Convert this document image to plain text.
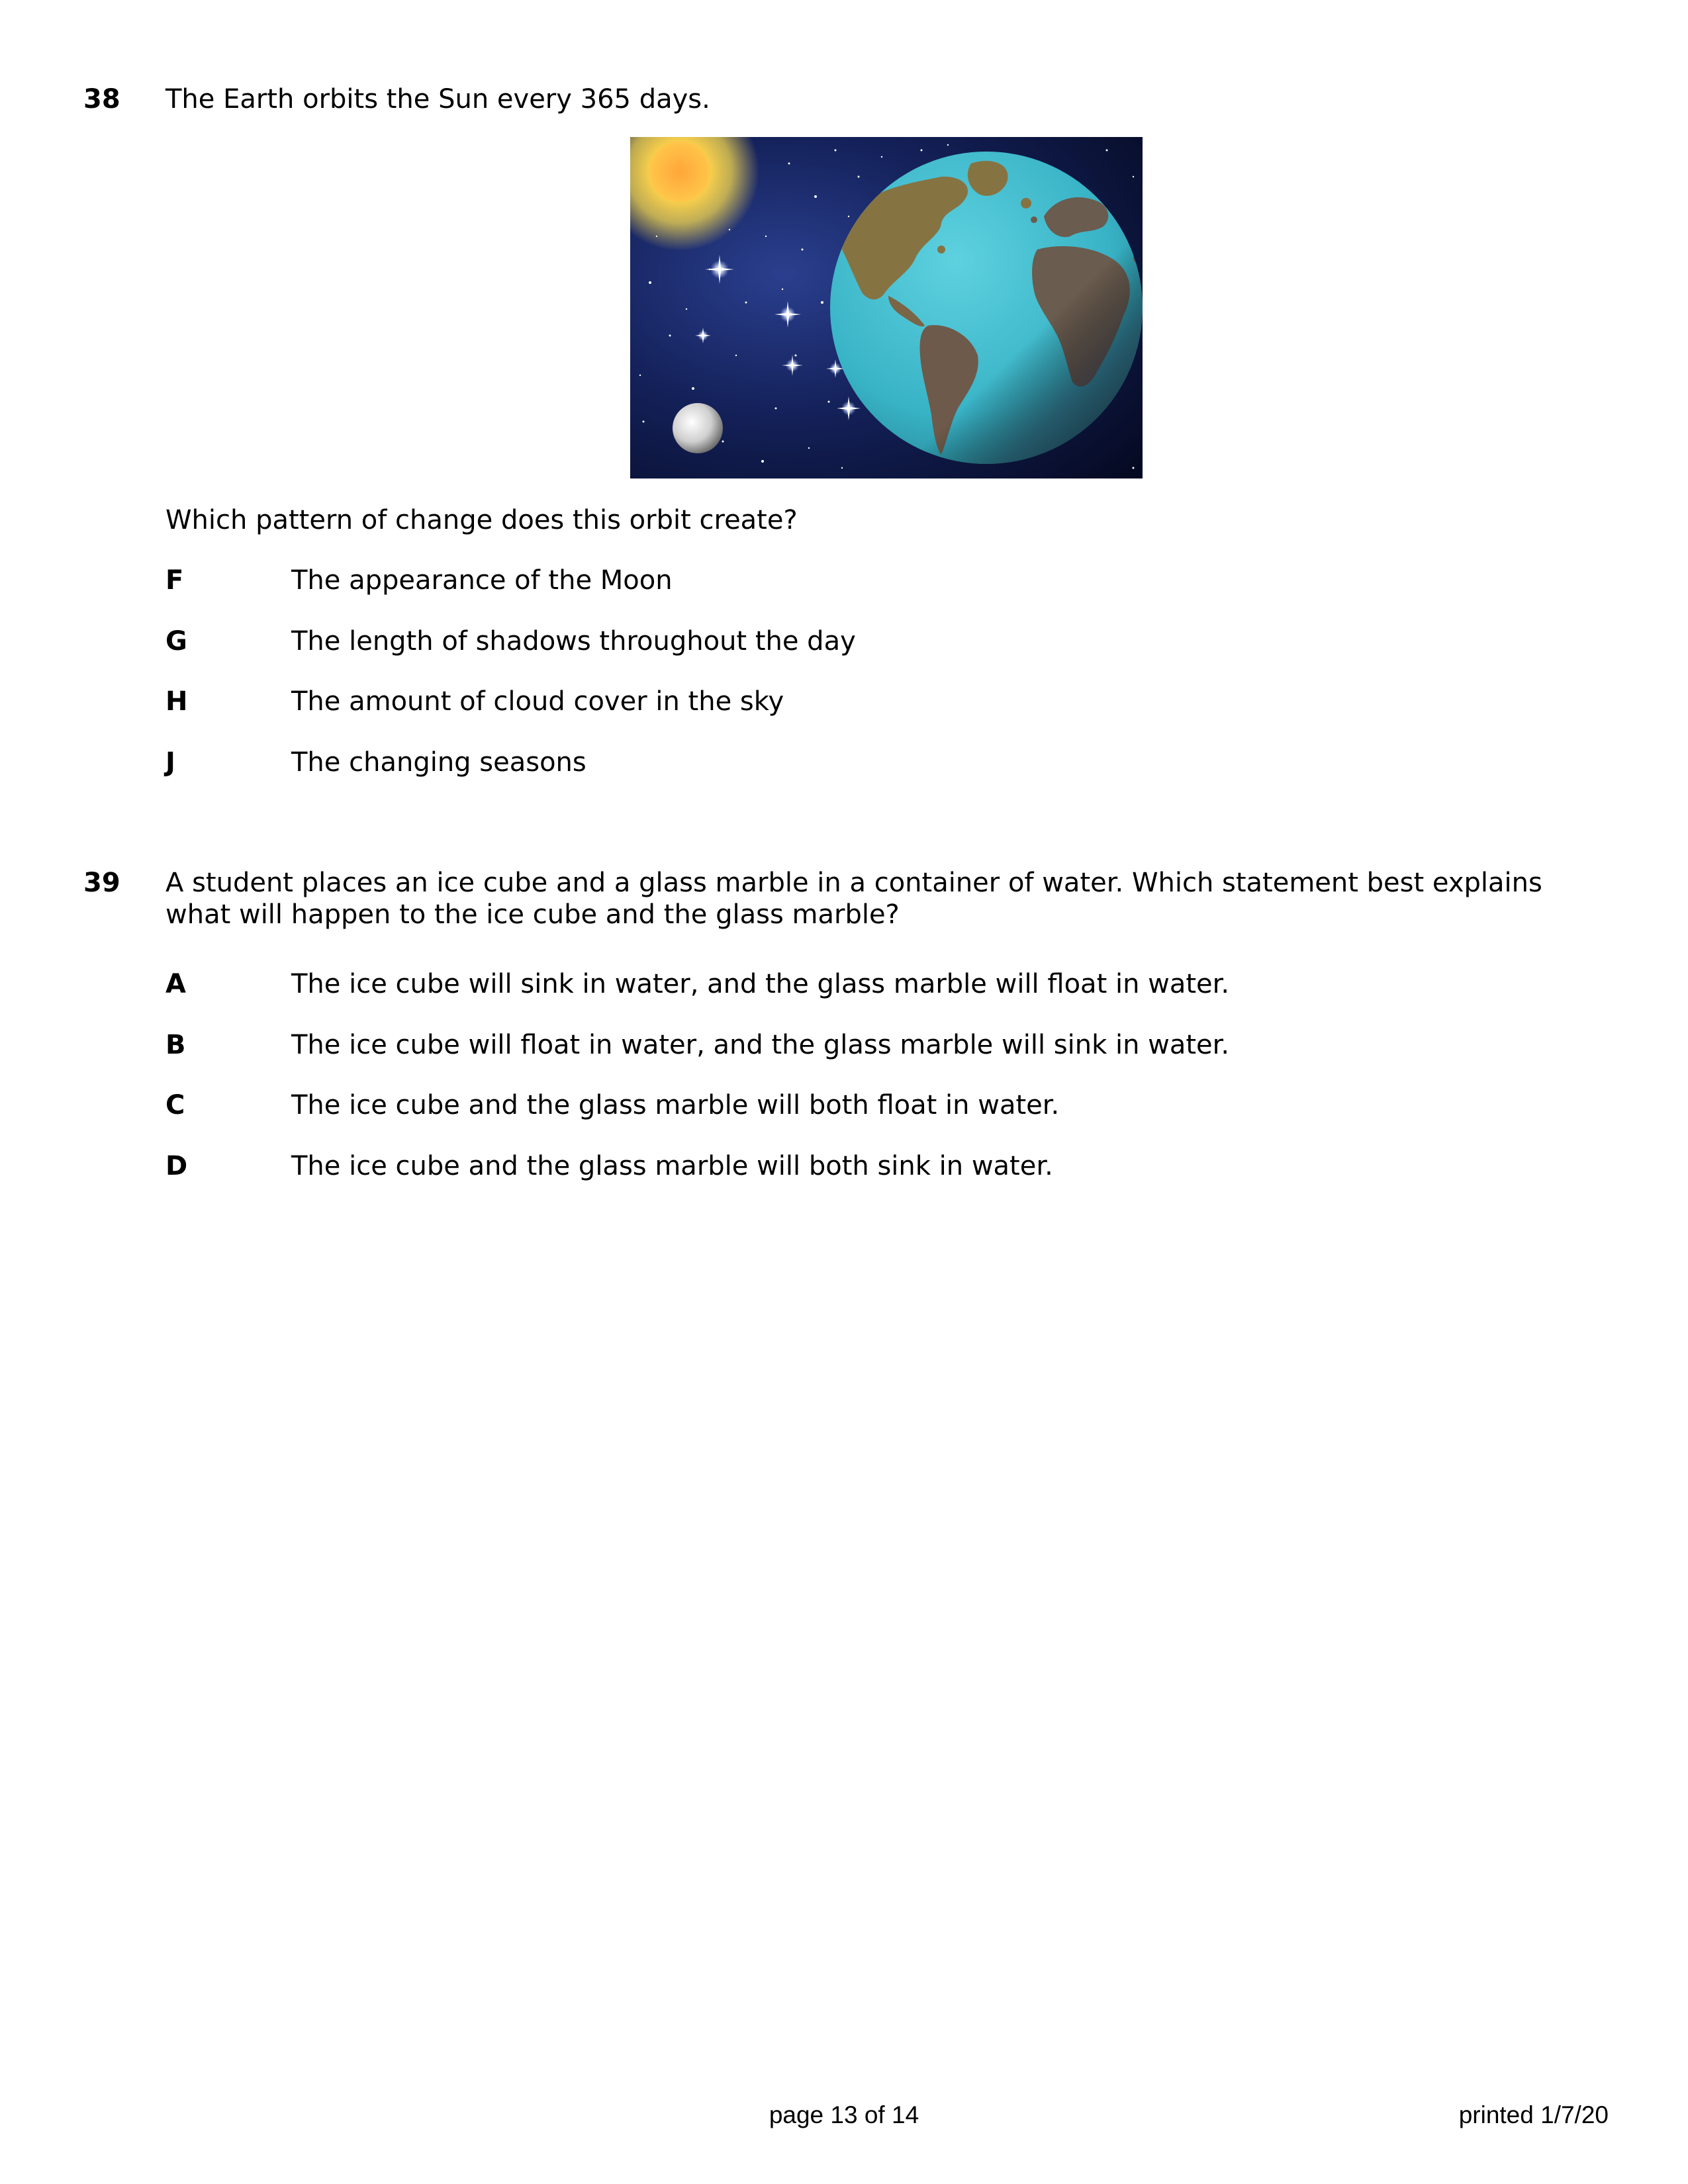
38 The Earth orbits the Sun every 365 days.
Which pattern of change does this orbit create?
F	The appearance of the Moon
G	The length of shadows throughout the day
H	The amount of cloud cover in the sky
J	The changing seasons
39 A student places an ice cube and a glass marble in a container of water. Which statement best explains what will happen to the ice cube and the glass marble?
A	The ice cube will sink in water, and the glass marble will float in water.
B	The ice cube will float in water, and the glass marble will sink in water.
C	The ice cube and the glass marble will both float in water.
D	The ice cube and the glass marble will both sink in water.
page 13 of 14	printed 1/7/20
